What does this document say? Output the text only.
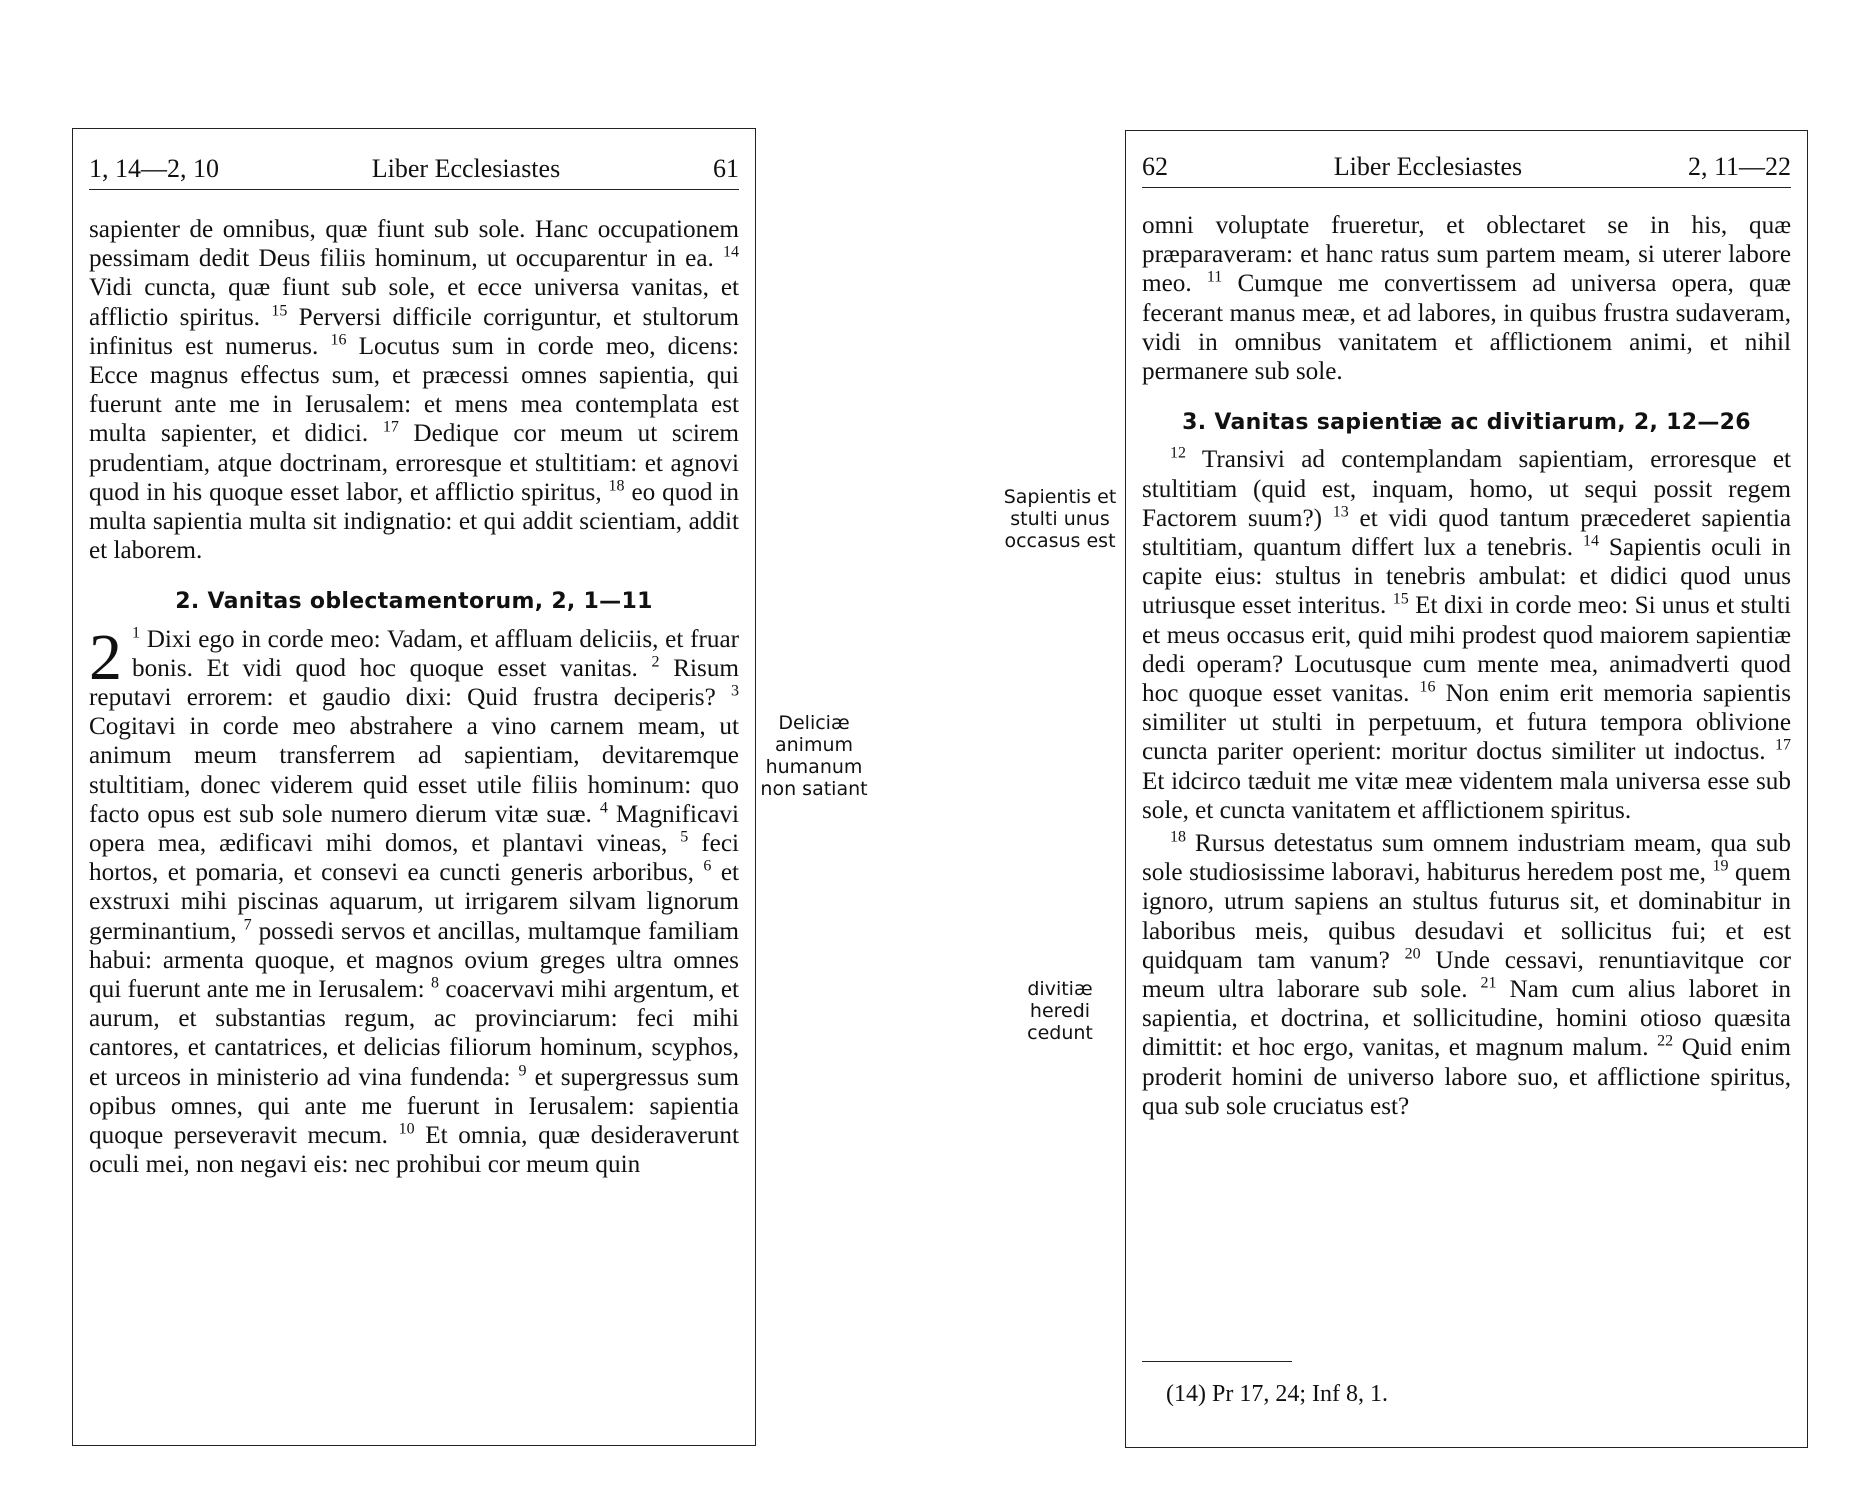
1, 14—2, 10	Liber Ecclesiastes	61

sapienter de omnibus, quæ fiunt sub sole. Hanc occupationem pessimam dedit Deus filiis hominum, ut occuparentur in ea. $^{14}$ Vidi cuncta, quæ fiunt sub sole, et ecce universa vanitas, et afflictio spiritus. $^{15}$ Perversi difficile corriguntur, et stultorum infinitus est numerus. $^{16}$ Locutus sum in corde meo, dicens: Ecce magnus effectus sum, et præcessi omnes sapientia, qui fuerunt ante me in Ierusalem: et mens mea contemplata est multa sapienter, et didici. $^{17}$ Dedique cor meum ut scirem prudentiam, atque doctrinam, erroresque et stultitiam: et agnovi quod in his quoque esset labor, et afflictio spiritus, $^{18}$ eo quod in multa sapientia multa sit indignatio: et qui addit scientiam, addit et laborem.

2. Vanitas oblectamentorum, 2, 1—11

2 $^1$ Dixi ego in corde meo: Vadam, et affluam deliciis, et fruar bonis. Et vidi quod hoc quoque esset vanitas. $^2$ Risum reputavi errorem: et gaudio dixi: Quid frustra deciperis? $^3$ Cogitavi in corde meo abstrahere a vino carnem meam, ut animum meum transferrem ad sapientiam, devitaremque stultitiam, donec viderem quid esset utile filiis hominum: quo facto opus est sub sole numero dierum vitæ suæ. $^4$ Magnificavi opera mea, ædificavi mihi domos, et plantavi vineas, $^5$ feci hortos, et pomaria, et consevi ea cuncti generis arboribus, $^6$ et exstruxi mihi piscinas aquarum, ut irrigarem silvam lignorum germinantium, $^7$ possedi servos et ancillas, multamque familiam habui: armenta quoque, et magnos ovium greges ultra omnes qui fuerunt ante me in Ierusalem: $^8$ coacervavi mihi argentum, et aurum, et substantias regum, ac provinciarum: feci mihi cantores, et cantatrices, et delicias filiorum hominum, scyphos, et urceos in ministerio ad vina fundenda: $^9$ et supergressus sum opibus omnes, qui ante me fuerunt in Ierusalem: sapientia quoque perseveravit mecum. $^{10}$ Et omnia, quæ desideraverunt oculi mei, non negavi eis: nec prohibui cor meum quin

Deliciæ animum humanum non satiant
Sapientis et stulti unus occasus est
divitiæ heredi cedunt
62	Liber Ecclesiastes	2, 11—22

omni voluptate frueretur, et oblectaret se in his, quæ præparaveram: et hanc ratus sum partem meam, si uterer labore meo. $^{11}$ Cumque me convertissem ad universa opera, quæ fecerant manus meæ, et ad labores, in quibus frustra sudaveram, vidi in omnibus vanitatem et afflictionem animi, et nihil permanere sub sole.

3. Vanitas sapientiæ ac divitiarum, 2, 12—26

$^{12}$ Transivi ad contemplandam sapientiam, erroresque et stultitiam (quid est, inquam, homo, ut sequi possit regem Factorem suum?) $^{13}$ et vidi quod tantum præcederet sapientia stultitiam, quantum differt lux a tenebris. $^{14}$ Sapientis oculi in capite eius: stultus in tenebris ambulat: et didici quod unus utriusque esset interitus. $^{15}$ Et dixi in corde meo: Si unus et stulti et meus occasus erit, quid mihi prodest quod maiorem sapientiæ dedi operam? Locutusque cum mente mea, animadverti quod hoc quoque esset vanitas. $^{16}$ Non enim erit memoria sapientis similiter ut stulti in perpetuum, et futura tempora oblivione cuncta pariter operient: moritur doctus similiter ut indoctus. $^{17}$ Et idcirco tæduit me vitæ meæ videntem mala universa esse sub sole, et cuncta vanitatem et afflictionem spiritus.

$^{18}$ Rursus detestatus sum omnem industriam meam, qua sub sole studiosissime laboravi, habiturus heredem post me, $^{19}$ quem ignoro, utrum sapiens an stultus futurus sit, et dominabitur in laboribus meis, quibus desudavi et sollicitus fui; et est quidquam tam vanum? $^{20}$ Unde cessavi, renuntiavitque cor meum ultra laborare sub sole. $^{21}$ Nam cum alius laboret in sapientia, et doctrina, et sollicitudine, homini otioso quæsita dimittit: et hoc ergo, vanitas, et magnum malum. $^{22}$ Quid enim proderit homini de universo labore suo, et afflictione spiritus, qua sub sole cruciatus est?

(14) Pr 17, 24; Inf 8, 1.
